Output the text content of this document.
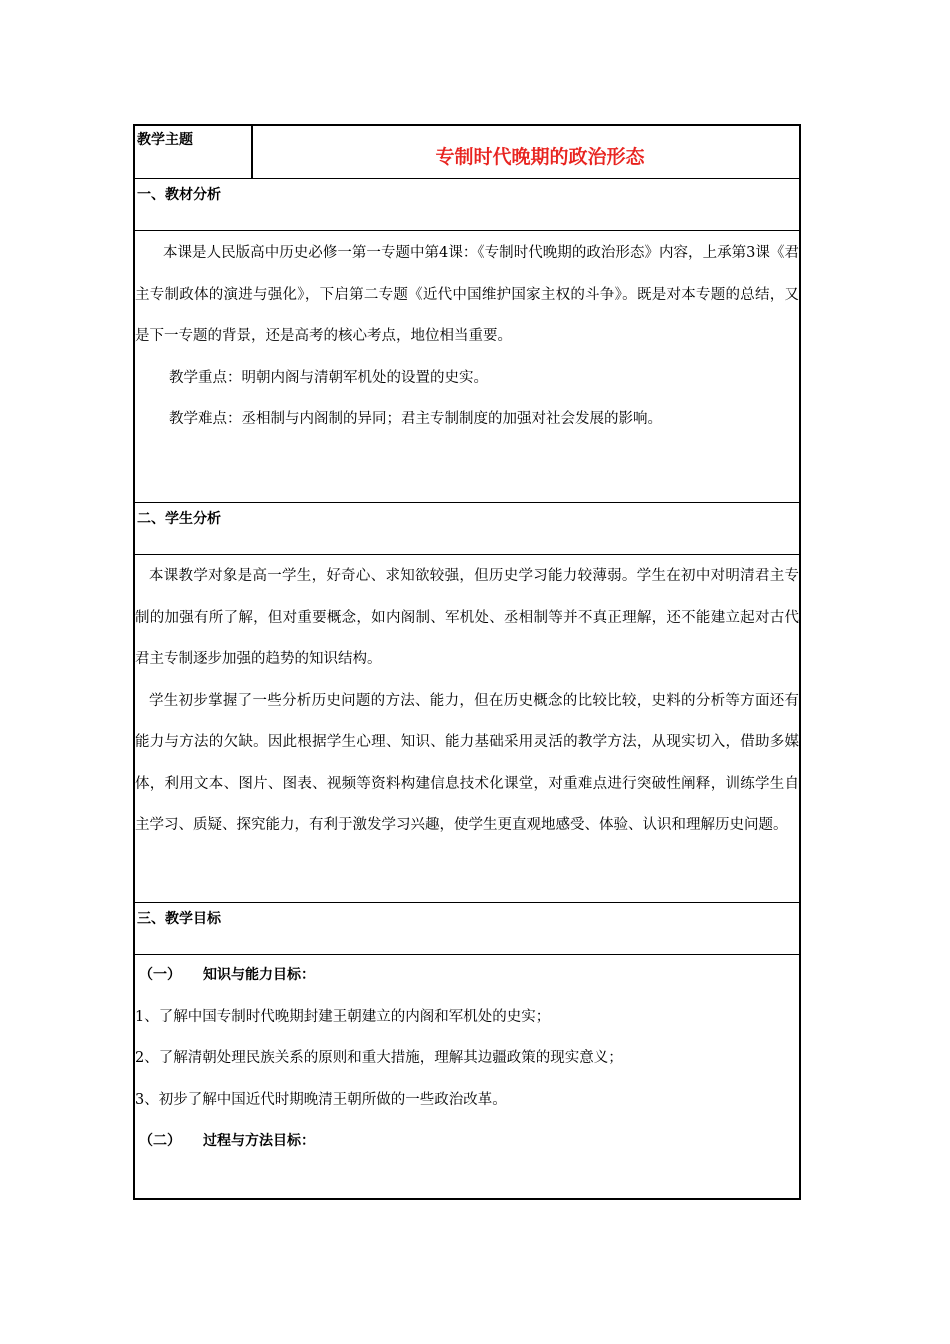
教学主题
专制时代晚期的政治形态
一、教材分析

本课是人民版高中历史必修一第一专题中第4课：《专制时代晚期的政治形态》内容，上承第3课《君主专制政体的演进与强化》，下启第二专题《近代中国维护国家主权的斗争》。既是对本专题的总结，又是下一专题的背景，还是高考的核心考点，地位相当重要。

教学重点：明朝内阁与清朝军机处的设置的史实。

教学难点：丞相制与内阁制的异同；君主专制制度的加强对社会发展的影响。

二、学生分析

本课教学对象是高一学生，好奇心、求知欲较强，但历史学习能力较薄弱。学生在初中对明清君主专制的加强有所了解，但对重要概念，如内阁制、军机处、丞相制等并不真正理解，还不能建立起对古代君主专制逐步加强的趋势的知识结构。

学生初步掌握了一些分析历史问题的方法、能力，但在历史概念的比较比较，史料的分析等方面还有能力与方法的欠缺。因此根据学生心理、知识、能力基础采用灵活的教学方法，从现实切入，借助多媒体，利用文本、图片、图表、视频等资料构建信息技术化课堂，对重难点进行突破性阐释，训练学生自主学习、质疑、探究能力，有利于激发学习兴趣，使学生更直观地感受、体验、认识和理解历史问题。

三、教学目标

（一） 知识与能力目标：

1、了解中国专制时代晚期封建王朝建立的内阁和军机处的史实；

2、了解清朝处理民族关系的原则和重大措施，理解其边疆政策的现实意义；

3、初步了解中国近代时期晚清王朝所做的一些政治改革。

（二） 过程与方法目标：
